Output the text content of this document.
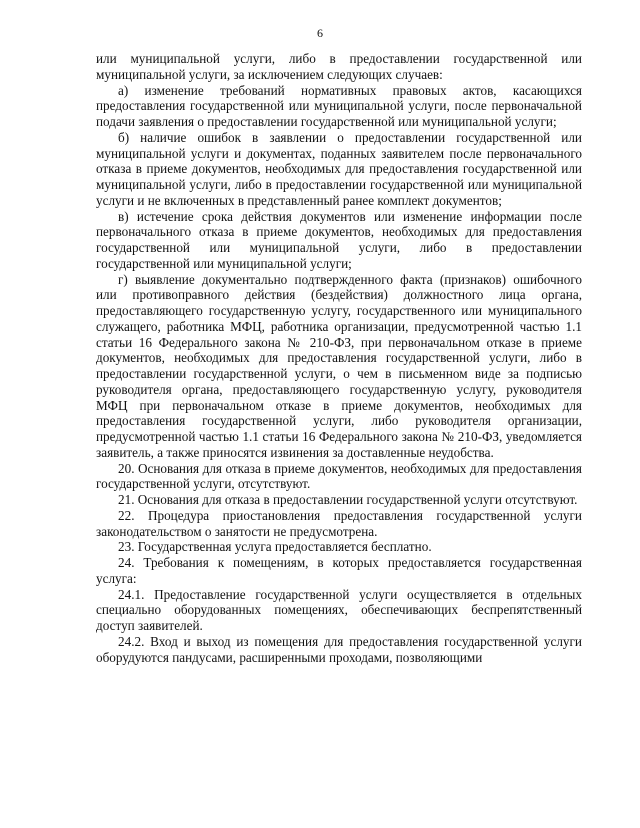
6

или муниципальной услуги, либо в предоставлении государственной или муниципальной услуги, за исключением следующих случаев:

а) изменение требований нормативных правовых актов, касающихся предоставления государственной или муниципальной услуги, после первоначальной подачи заявления о предоставлении государственной или муниципальной услуги;

б) наличие ошибок в заявлении о предоставлении государственной или муниципальной услуги и документах, поданных заявителем после первоначального отказа в приеме документов, необходимых для предоставления государственной или муниципальной услуги, либо в предоставлении государственной или муниципальной услуги и не включенных в представленный ранее комплект документов;

в) истечение срока действия документов или изменение информации после первоначального отказа в приеме документов, необходимых для предоставления государственной или муниципальной услуги, либо в предоставлении государственной или муниципальной услуги;

г) выявление документально подтвержденного факта (признаков) ошибочного или противоправного действия (бездействия) должностного лица органа, предоставляющего государственную услугу, государственного или муниципального служащего, работника МФЦ, работника организации, предусмотренной частью 1.1 статьи 16 Федерального закона № 210-ФЗ, при первоначальном отказе в приеме документов, необходимых для предоставления государственной услуги, либо в предоставлении государственной услуги, о чем в письменном виде за подписью руководителя органа, предоставляющего государственную услугу, руководителя МФЦ при первоначальном отказе в приеме документов, необходимых для предоставления государственной услуги, либо руководителя организации, предусмотренной частью 1.1 статьи 16 Федерального закона № 210-ФЗ, уведомляется заявитель, а также приносятся извинения за доставленные неудобства.

20. Основания для отказа в приеме документов, необходимых для предоставления государственной услуги, отсутствуют.

21. Основания для отказа в предоставлении государственной услуги отсутствуют.

22. Процедура приостановления предоставления государственной услуги законодательством о занятости не предусмотрена.

23. Государственная услуга предоставляется бесплатно.

24. Требования к помещениям, в которых предоставляется государственная услуга:

24.1. Предоставление государственной услуги осуществляется в отдельных специально оборудованных помещениях, обеспечивающих беспрепятственный доступ заявителей.

24.2. Вход и выход из помещения для предоставления государственной услуги оборудуются пандусами, расширенными проходами, позволяющими
